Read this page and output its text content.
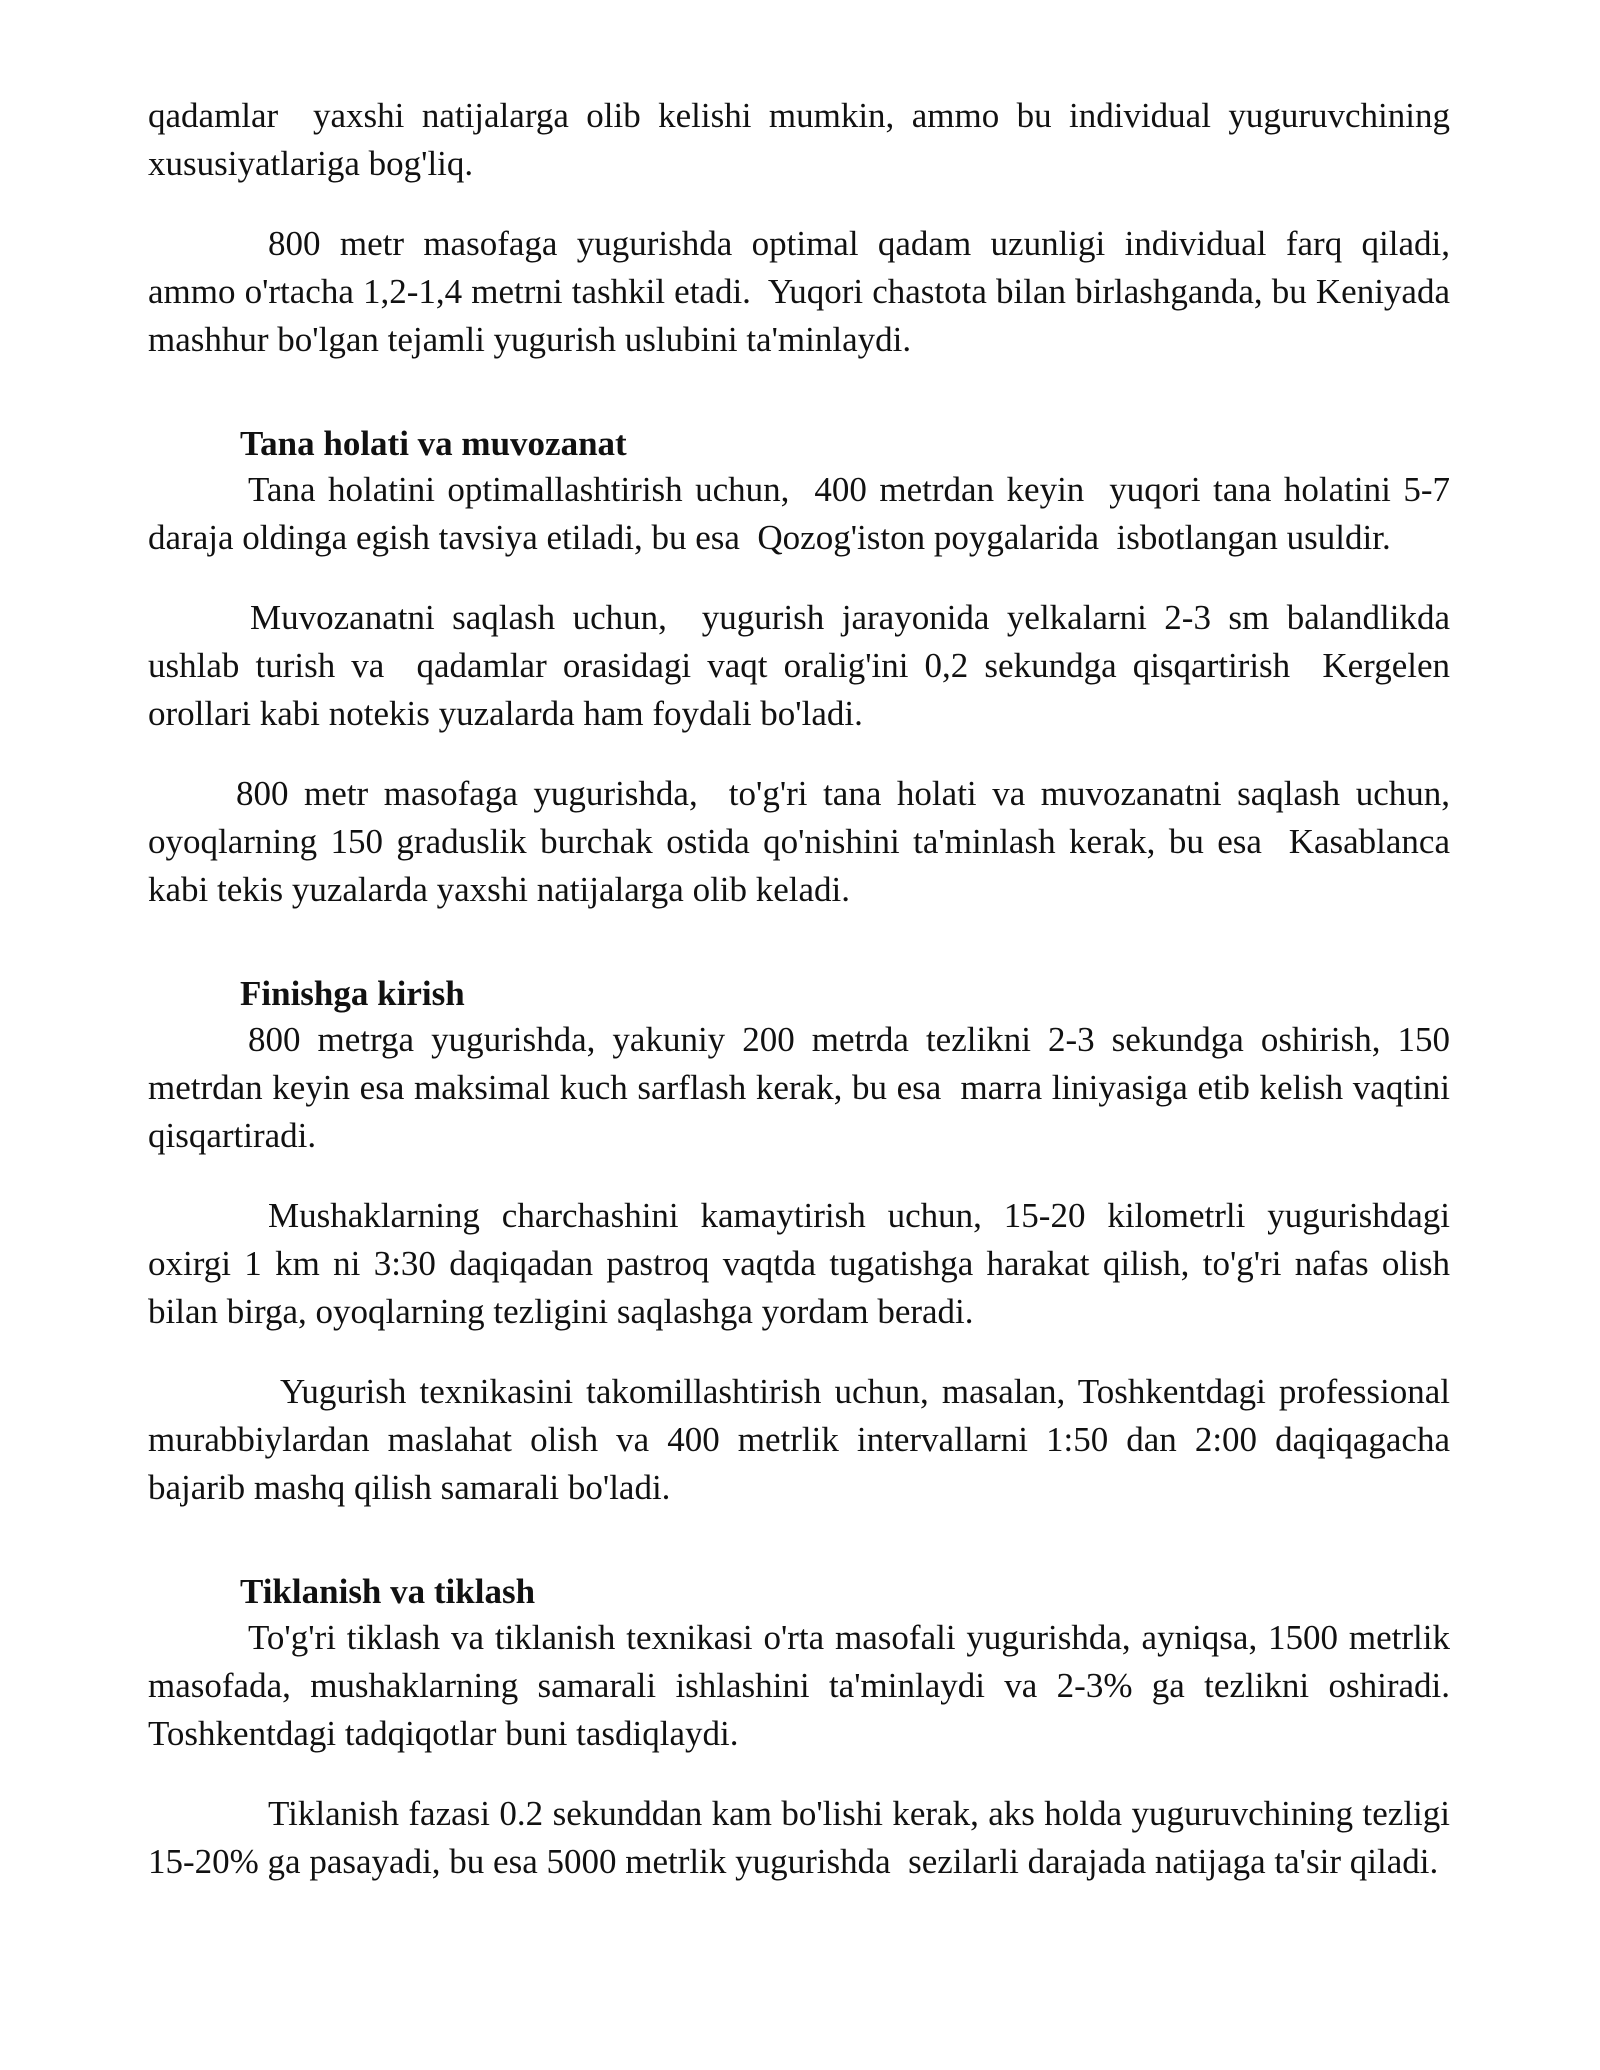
qadamlar  yaxshi natijalarga olib kelishi mumkin, ammo bu individual yuguruvchining xususiyatlariga bog'liq.

800 metr masofaga yugurishda optimal qadam uzunligi individual farq qiladi, ammo o'rtacha 1,2-1,4 metrni tashkil etadi.  Yuqori chastota bilan birlashganda, bu Keniyada mashhur bo'lgan tejamli yugurish uslubini ta'minlaydi.

Tana holati va muvozanat

Tana holatini optimallashtirish uchun,  400 metrdan keyin  yuqori tana holatini 5-7 daraja oldinga egish tavsiya etiladi, bu esa  Qozog'iston poygalarida  isbotlangan usuldir.

Muvozanatni saqlash uchun,  yugurish jarayonida yelkalarni 2-3 sm balandlikda ushlab turish va  qadamlar orasidagi vaqt oralig'ini 0,2 sekundga qisqartirish  Kergelen orollari kabi notekis yuzalarda ham foydali bo'ladi.

800 metr masofaga yugurishda,  to'g'ri tana holati va muvozanatni saqlash uchun, oyoqlarning 150 graduslik burchak ostida qo'nishini ta'minlash kerak, bu esa  Kasablanca kabi tekis yuzalarda yaxshi natijalarga olib keladi.

Finishga kirish

800 metrga yugurishda, yakuniy 200 metrda tezlikni 2-3 sekundga oshirish, 150 metrdan keyin esa maksimal kuch sarflash kerak, bu esa  marra liniyasiga etib kelish vaqtini qisqartiradi.

Mushaklarning charchashini kamaytirish uchun, 15-20 kilometrli yugurishdagi oxirgi 1 km ni 3:30 daqiqadan pastroq vaqtda tugatishga harakat qilish, to'g'ri nafas olish bilan birga, oyoqlarning tezligini saqlashga yordam beradi.

Yugurish texnikasini takomillashtirish uchun, masalan, Toshkentdagi professional murabbiylardan maslahat olish va 400 metrlik intervallarni 1:50 dan 2:00 daqiqagacha bajarib mashq qilish samarali bo'ladi.

Tiklanish va tiklash

To'g'ri tiklash va tiklanish texnikasi o'rta masofali yugurishda, ayniqsa, 1500 metrlik masofada, mushaklarning samarali ishlashini ta'minlaydi va 2-3% ga tezlikni oshiradi.  Toshkentdagi tadqiqotlar buni tasdiqlaydi.

Tiklanish fazasi 0.2 sekunddan kam bo'lishi kerak, aks holda yuguruvchining tezligi 15-20% ga pasayadi, bu esa 5000 metrlik yugurishda  sezilarli darajada natijaga ta'sir qiladi.
